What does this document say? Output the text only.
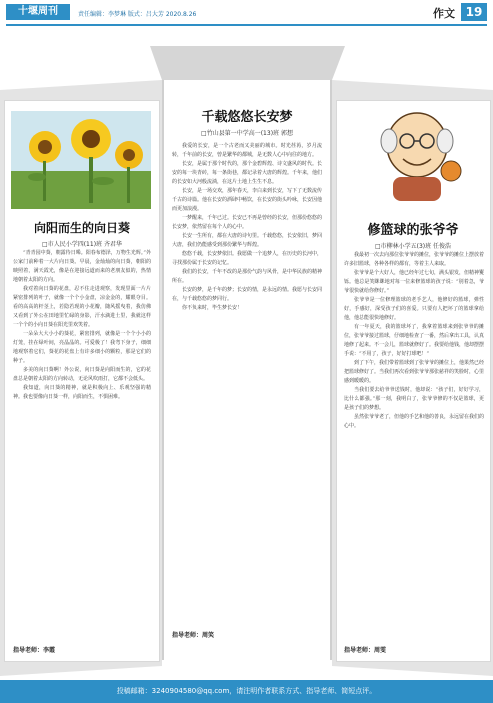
十堰周刊	责任编辑：李梦琳 版式：吕大芳 2020.8.26	作文 19
向阳而生的向日葵
□市人民小学四(11)班 齐君华

“青青园中葵，朝露待日晞。阳春布德泽，万物生光辉。”外公家门前种着一大片向日葵。早晨，金灿灿的向日葵，朝阳的映照着，满天霞光，像是在迎接远道而来的老朋友似的，热情地朝着太阳的方向。

我对着向日葵的花盘，忍不住走进观察，发现里面一片片紧密排列的叶子，就像一个个小金盘，凉金金的，耀眼夺目。看的高高的杆茎上，若隐若现的小花瓣，随风摇曳着，我仿佛又看到了外公在田地里忙碌的身影，汗水滴进土里，我就这样一个个的小向日葵在阳光里欢笑着。

一朵朵大大小小的葵花，紧密排列，就像是一个个小小的灯笼，挂在绿叶间，亮晶晶的。可爱极了！我弯下身子，细细地观察着它们，葵花的花盘上有许多细小的颗粒，那是它们的种子。

多美的向日葵啊！外公说，向日葵是向阳而生的，它的花盘总是朝着太阳的方向转动，无论风吹雨打，它都不会低头。

我知道，向日葵的精神，就是积极向上、乐观坚强的精神。我也要像向日葵一样，向阳而生，不惧困难。

指导老师：李霞
千载悠悠长安梦
□竹山县第一中学高一(13)班 郭想

我爱的长安，是一个古老而又美丽的城市。时光荏苒，岁月流转，千年前的长安，曾是繁华的都城，是无数人心中向往的地方。

长安，是属于那个时代的，那个金碧辉煌、诗文盛风的时代。长安的每一块青砖，每一条街巷，都记录着大唐的辉煌。千年来，他们的长安如大河般流淌，在这片土地上生生不息。

长安，是一场交欢，那年春天，李白来到长安，写下了无数流传千古的诗篇。他在长安的酒肆中畅饮，在长安的街头吟咏，长安因他而更加浪漫。

一梦醒来，千年已过。长安已不再是曾经的长安，但那份悠悠的长安梦，依然留在每个人的心中。

长安一生所有，都在大唐的诗句里。千载悠悠，长安依旧，梦回大唐，我们仍能感受到那份繁华与辉煌。

悠悠千载，长安梦依旧。我愿做一个追梦人，在历史的长河中，寻找那份属于长安的记忆。

我们的长安，千年不改的是那份气韵与风骨，是中华民族的精神所在。

长安的梦，是千年的梦；长安的情，是永远的情。我愿与长安同在，与千载悠悠的梦同行。

你不负来时，毕生梦长安！

指导老师：周笑
修篮球的张爷爷
□市柳林小学五(3)班 任俊浩

我最初一次去向那位张爷爷的摊位，张爷爷的摊位上摆放着许多旧篮球，各种各样的都有，等着主人来取。

张爷爷是个大好人，他已经年过七旬，满头银发，但精神矍铄。他总是笑眯眯地对每一位来修篮球的孩子说：“别着急，爷爷很快就给你修好。”

张爷爷是一位修理篮球的老手艺人，他修好的篮球，弹性好，手感好，深受孩子们的喜爱。只要有人把坏了的篮球拿给他，他总能很快地修好。

有一年夏天，我的篮球坏了，我拿着篮球来到张爷爷的摊位，张爷爷接过篮球，仔细地检查了一番，然后拿出工具，认真地修了起来。不一会儿，篮球就修好了。我要给他钱，他却摆摆手说：“不用了，孩子，好好打球吧！”

到了下午，我们带着篮球到了张爷爷的摊位上，他果然已经把篮球修好了。当我们再次看到张爷爷那张慈祥的笑脸时，心里感到暖暖的。

当我们要去给爷爷送钱时，他却说：“孩子们，好好学习，比什么都强。”那一刻，我明白了，张爷爷修的不仅是篮球，更是孩子们的梦想。

虽然张爷爷老了，但他的手艺和他的善良，永远留在我们的心中。

指导老师：周雯
投稿邮箱：3240904580@qq.com，请注明作者联系方式、指导老师、简短点评。
